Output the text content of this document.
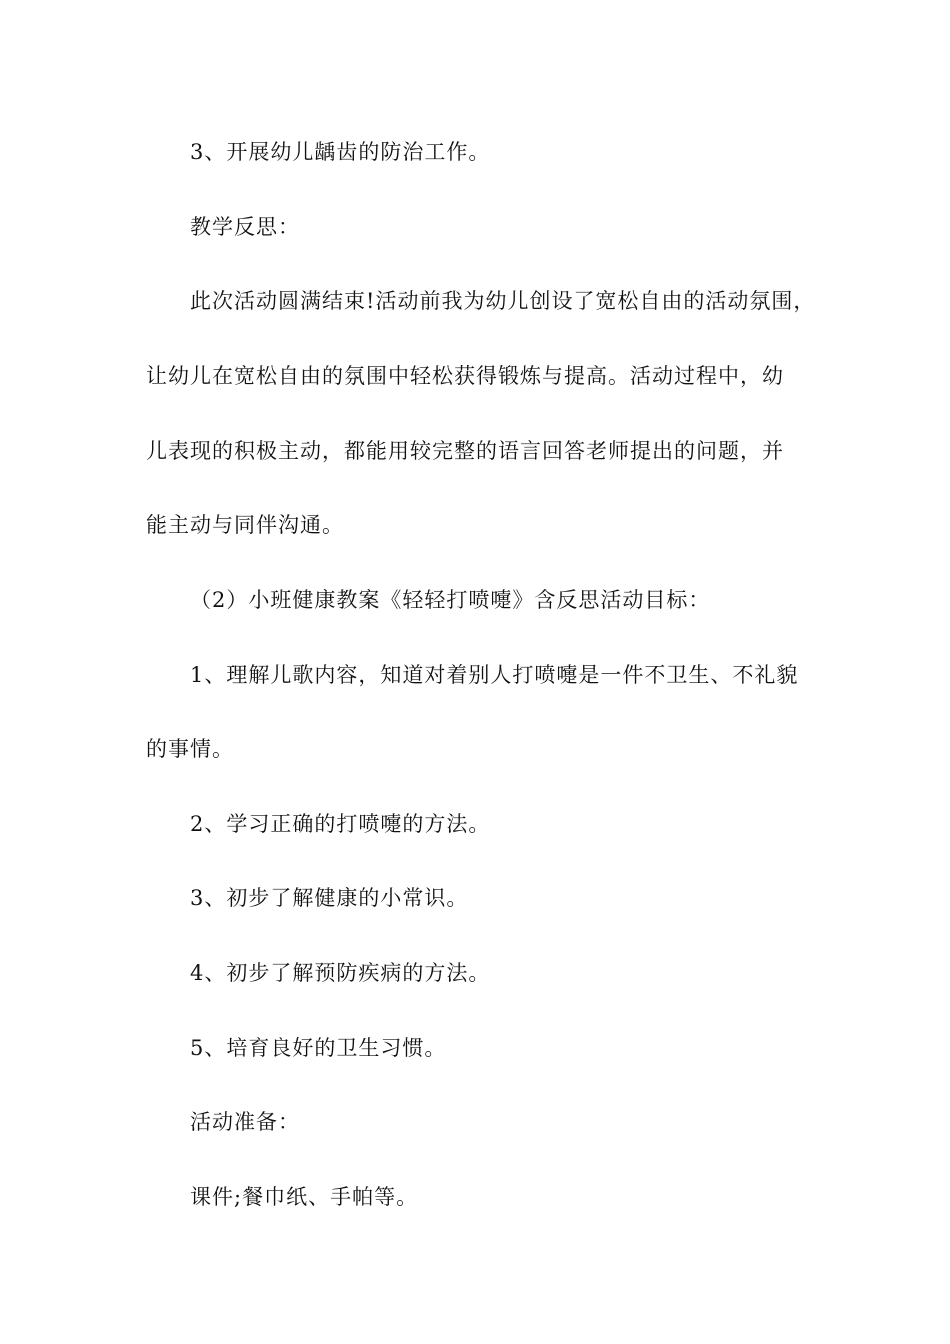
3、开展幼儿龋齿的防治工作。
教学反思：
此次活动圆满结束!活动前我为幼儿创设了宽松自由的活动氛围，
让幼儿在宽松自由的氛围中轻松获得锻炼与提高。活动过程中，幼
儿表现的积极主动，都能用较完整的语言回答老师提出的问题，并
能主动与同伴沟通。
（2）小班健康教案《轻轻打喷嚏》含反思活动目标：
1、理解儿歌内容，知道对着别人打喷嚏是一件不卫生、不礼貌
的事情。
2、学习正确的打喷嚏的方法。
3、初步了解健康的小常识。
4、初步了解预防疾病的方法。
5、培育良好的卫生习惯。
活动准备：
课件;餐巾纸、手帕等。
